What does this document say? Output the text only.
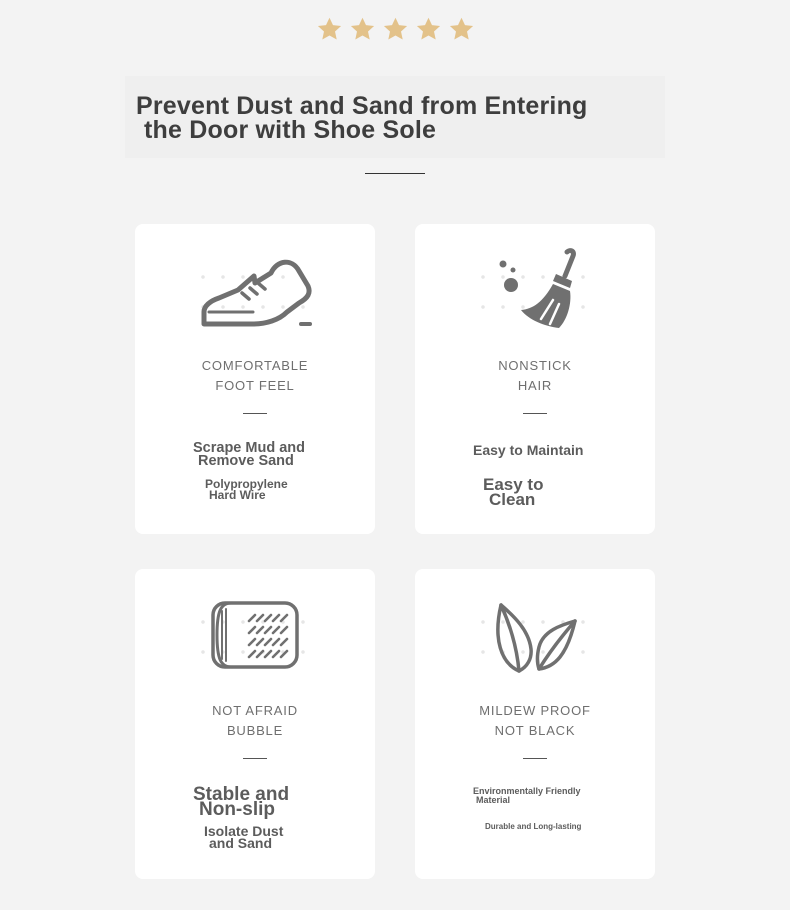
Prevent Dust and Sand from Entering
the Door with Shoe Sole
COMFORTABLE
FOOT FEEL
Scrape Mud and
Remove Sand
Polypropylene
Hard Wire
NONSTICK
HAIR
Easy to Maintain
Easy to
Clean
NOT AFRAID
BUBBLE
Stable and
Non-slip
Isolate Dust
and Sand
MILDEW PROOF
NOT BLACK
Environmentally Friendly
Material
Durable and Long-lasting
